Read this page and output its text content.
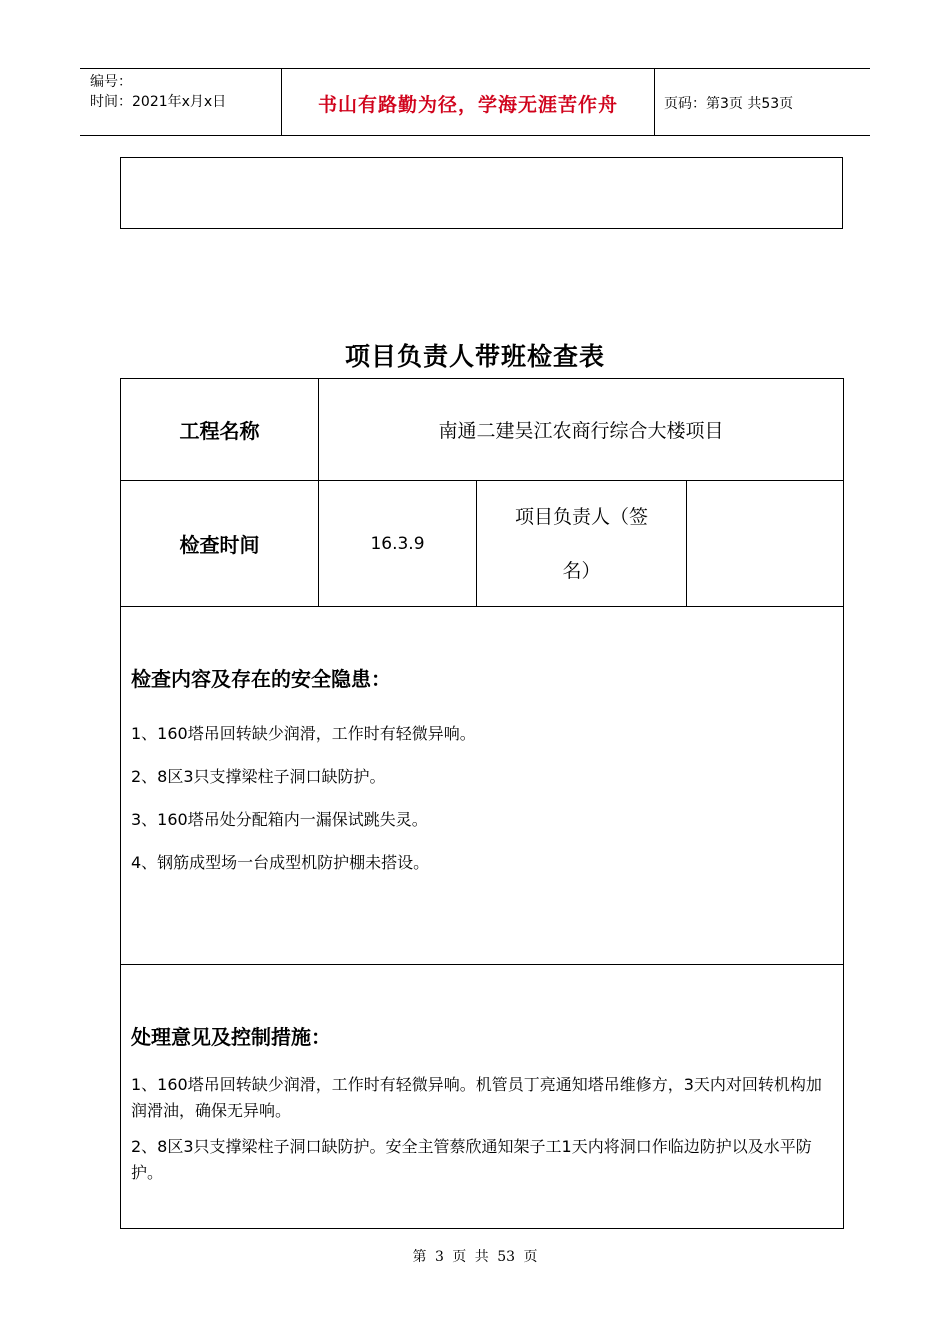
编号：
时间：2021年x月x日	书山有路勤为径，学海无涯苦作舟	页码：第3页 共53页
项目负责人带班检查表
工程名称	南通二建吴江农商行综合大楼项目		
检查时间	16.3.9	项目负责人（签
名）	

检查内容及存在的安全隐患：

1、160塔吊回转缺少润滑，工作时有轻微异响。

2、8区3只支撑梁柱子洞口缺防护。

3、160塔吊处分配箱内一漏保试跳失灵。

4、钢筋成型场一台成型机防护棚未搭设。			

处理意见及控制措施：

1、160塔吊回转缺少润滑，工作时有轻微异响。机管员丁亮通知塔吊维修方，3天内对回转机构加润滑油，确保无异响。

2、8区3只支撑梁柱子洞口缺防护。安全主管蔡欣通知架子工1天内将洞口作临边防护以及水平防护。			

第 3 页 共 53 页
